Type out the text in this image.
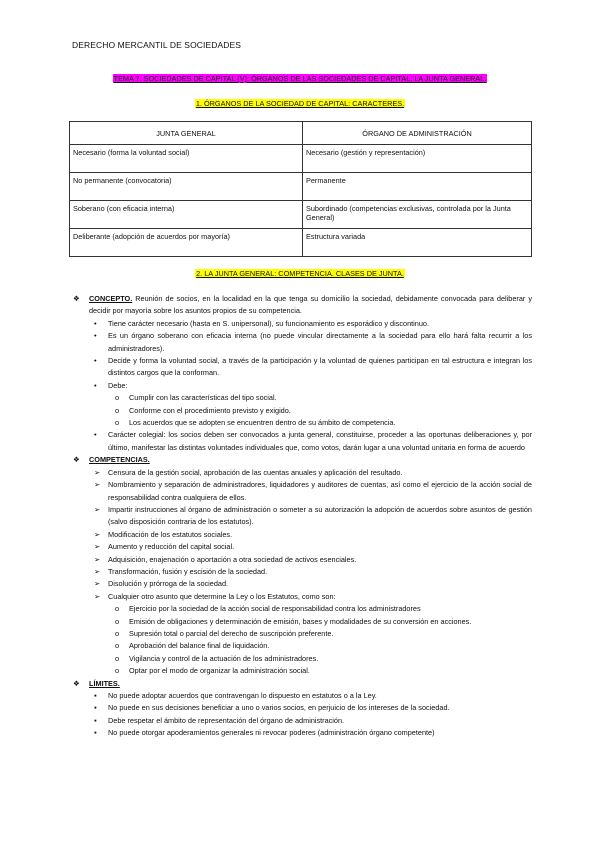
DERECHO MERCANTIL DE SOCIEDADES
TEMA 7. SOCIEDADES DE CAPITAL (V): ÓRGANOS DE LAS SOCIEDADES DE CAPITAL: LA JUNTA GENERAL.
1. ÓRGANOS DE LA SOCIEDAD DE CAPITAL: CARACTERES.
JUNTA GENERAL	ÓRGANO DE ADMINISTRACIÓN
Necesario (forma la voluntad social)	Necesario (gestión y representación)
No permanente (convocatoria)	Permanente
Soberano (con eficacia interna)	Subordinado (competencias exclusivas, controlada por la Junta General)
Deliberante (adopción de acuerdos por mayoría)	Estructura variada
2. LA JUNTA GENERAL: COMPETENCIA. CLASES DE JUNTA.
❖ CONCEPTO. Reunión de socios, en la localidad en la que tenga su domicilio la sociedad, debidamente convocada para deliberar y decidir por mayoría sobre los asuntos propios de su competencia.
• Tiene carácter necesario (hasta en S. unipersonal), su funcionamiento es esporádico y discontinuo.
• Es un órgano soberano con eficacia interna (no puede vincular directamente a la sociedad para ello hará falta recurrir a los administradores).
• Decide y forma la voluntad social, a través de la participación y la voluntad de quienes participan en tal estructura e integran los distintos cargos que la conforman.
• Debe:
o Cumplir con las características del tipo social.
o Conforme con el procedimiento previsto y exigido.
o Los acuerdos que se adopten se encuentren dentro de su ámbito de competencia.
• Carácter colegial: los socios deben ser convocados a junta general, constituirse, proceder a las oportunas deliberaciones y, por último, manifestar las distintas voluntades individuales que, como votos, darán lugar a una voluntad unitaria en forma de acuerdo
❖ COMPETENCIAS.
➢ Censura de la gestión social, aprobación de las cuentas anuales y aplicación del resultado.
➢ Nombramiento y separación de administradores, liquidadores y auditores de cuentas, así como el ejercicio de la acción social de responsabilidad contra cualquiera de ellos.
➢ Impartir instrucciones al órgano de administración o someter a su autorización la adopción de acuerdos sobre asuntos de gestión (salvo disposición contraria de los estatutos).
➢ Modificación de los estatutos sociales.
➢ Aumento y reducción del capital social.
➢ Adquisición, enajenación o aportación a otra sociedad de activos esenciales.
➢ Transformación, fusión y escisión de la sociedad.
➢ Disolución y prórroga de la sociedad.
➢ Cualquier otro asunto que determine la Ley o los Estatutos, como son:
o Ejercicio por la sociedad de la acción social de responsabilidad contra los administradores
o Emisión de obligaciones y determinación de emisión, bases y modalidades de su conversión en acciones.
o Supresión total o parcial del derecho de suscripción preferente.
o Aprobación del balance final de liquidación.
o Vigilancia y control de la actuación de los administradores.
o Optar por el modo de organizar la administración social.
❖ LÍMITES.
▪ No puede adoptar acuerdos que contravengan lo dispuesto en estatutos o a la Ley.
▪ No puede en sus decisiones beneficiar a uno o varios socios, en perjuicio de los intereses de la sociedad.
▪ Debe respetar el ámbito de representación del órgano de administración.
▪ No puede otorgar apoderamientos generales ni revocar poderes (administración órgano competente)
